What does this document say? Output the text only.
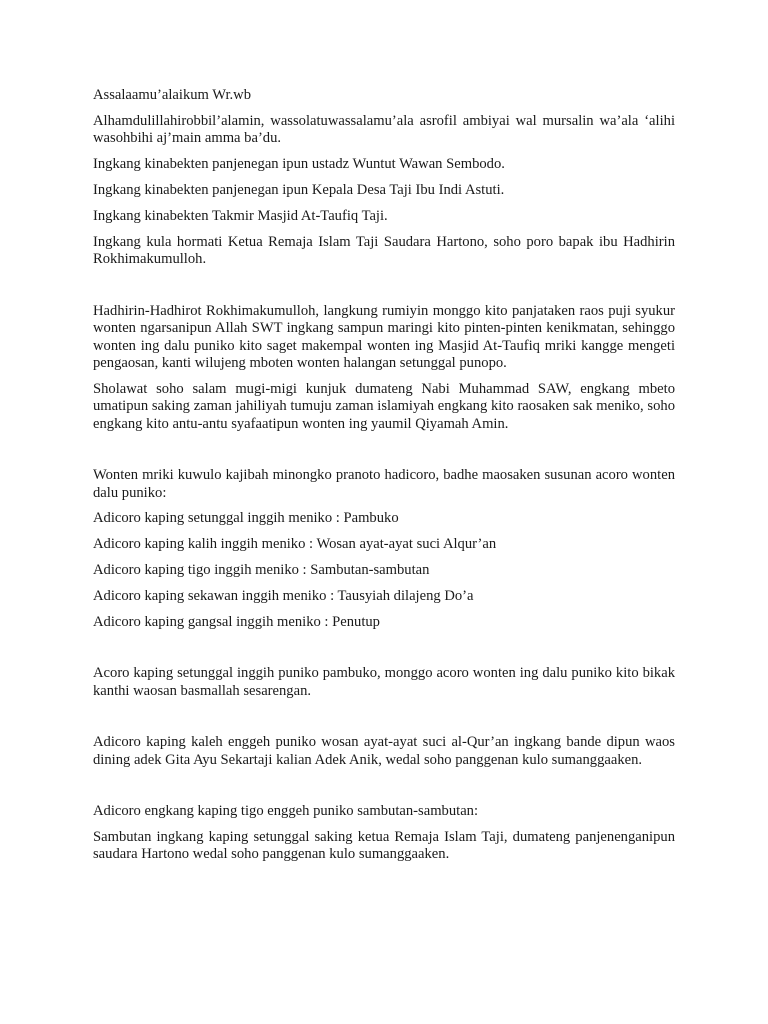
Assalaamu’alaikum Wr.wb

Alhamdulillahirobbil’alamin, wassolatuwassalamu’ala asrofil ambiyai wal mursalin wa’ala ‘alihi wasohbihi aj’main amma ba’du.

Ingkang kinabekten panjenegan ipun ustadz Wuntut Wawan Sembodo.

Ingkang kinabekten panjenegan ipun Kepala Desa Taji Ibu Indi Astuti.

Ingkang kinabekten Takmir Masjid At-Taufiq Taji.

Ingkang kula hormati Ketua Remaja Islam Taji Saudara Hartono, soho poro bapak ibu Hadhirin Rokhimakumulloh.

Hadhirin-Hadhirot Rokhimakumulloh, langkung rumiyin monggo kito panjataken raos puji syukur wonten ngarsanipun Allah SWT ingkang sampun maringi kito pinten-pinten kenikmatan, sehinggo wonten ing dalu puniko kito saget makempal wonten ing Masjid At-Taufiq mriki kangge mengeti pengaosan, kanti wilujeng mboten wonten halangan setunggal punopo.

Sholawat soho salam mugi-migi kunjuk dumateng Nabi Muhammad SAW, engkang mbeto umatipun saking zaman jahiliyah tumuju zaman islamiyah engkang kito raosaken sak meniko, soho engkang kito antu-antu syafaatipun wonten ing yaumil Qiyamah Amin.

Wonten mriki kuwulo kajibah minongko pranoto hadicoro, badhe maosaken susunan acoro wonten dalu puniko:

Adicoro kaping setunggal inggih meniko : Pambuko

Adicoro kaping kalih inggih meniko : Wosan ayat-ayat suci Alqur’an

Adicoro kaping tigo inggih meniko : Sambutan-sambutan

Adicoro kaping sekawan inggih meniko : Tausyiah dilajeng Do’a

Adicoro kaping gangsal inggih meniko : Penutup

Acoro kaping setunggal inggih puniko pambuko, monggo acoro wonten ing dalu puniko kito bikak kanthi waosan basmallah sesarengan.

Adicoro kaping kaleh enggeh puniko wosan ayat-ayat suci al-Qur’an ingkang bande dipun waos dining adek Gita Ayu Sekartaji kalian Adek Anik, wedal soho panggenan kulo sumanggaaken.

Adicoro engkang kaping tigo enggeh puniko sambutan-sambutan:

Sambutan ingkang kaping setunggal saking ketua Remaja Islam Taji, dumateng panjenenganipun saudara Hartono wedal soho panggenan kulo sumanggaaken.
